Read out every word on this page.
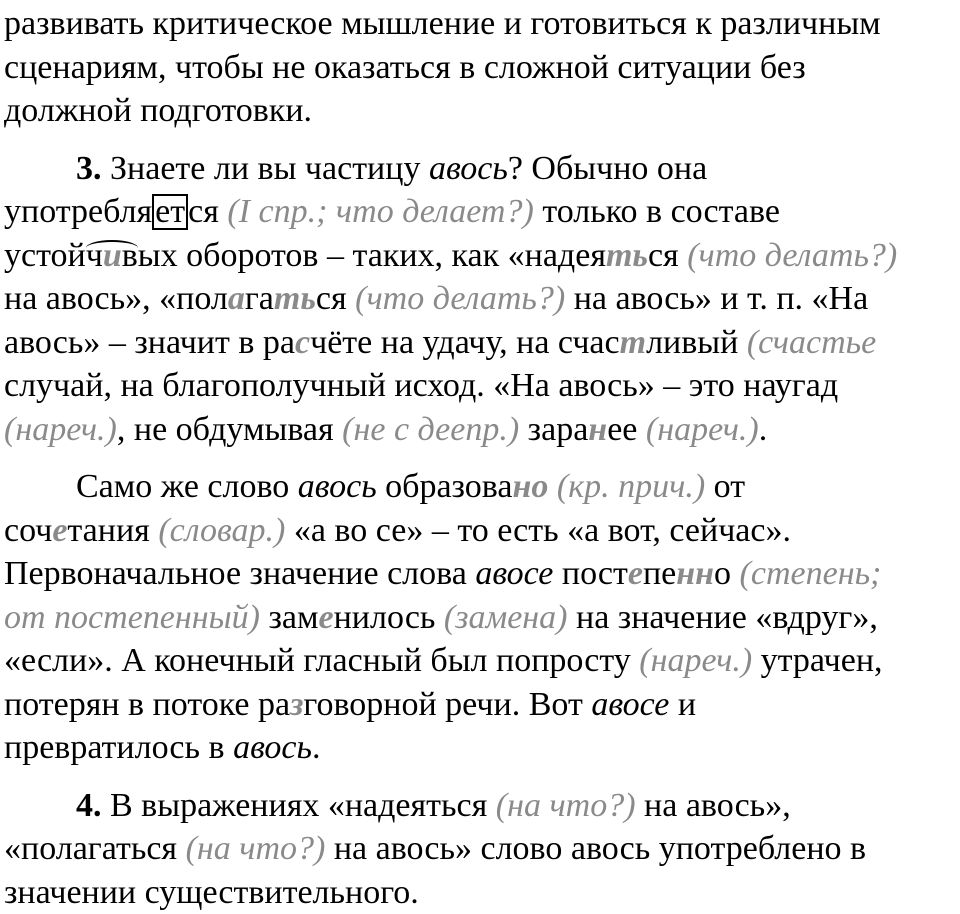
развивать критическое мышление и готовиться к различным
сценариям, чтобы не оказаться в сложной ситуации без
должной подготовки.
3. Знаете ли вы частицу авось? Обычно она
употребляется (I спр.; что делает?) только в составе
устойчивых оборотов – таких, как «надеяться (что делать?)
на авось», «полагаться (что делать?) на авось» и т. п. «На
авось» – значит в расчёте на удачу, на счастливый (счастье
случай, на благополучный исход. «На авось» – это наугад
(нареч.), не обдумывая (не с деепр.) заранее (нареч.).
Само же слово авось образовано (кр. прич.) от
сочетания (словар.) «а во се» – то есть «а вот, сейчас».
Первоначальное значение слова авосе постепенно (степень;
от постепенный) заменилось (замена) на значение «вдруг»,
«если». А конечный гласный был попросту (нареч.) утрачен,
потерян в потоке разговорной речи. Вот авосе и
превратилось в авось.
4. В выражениях «надеяться (на что?) на авось»,
«полагаться (на что?) на авось» слово авось употреблено в
значении существительного.
